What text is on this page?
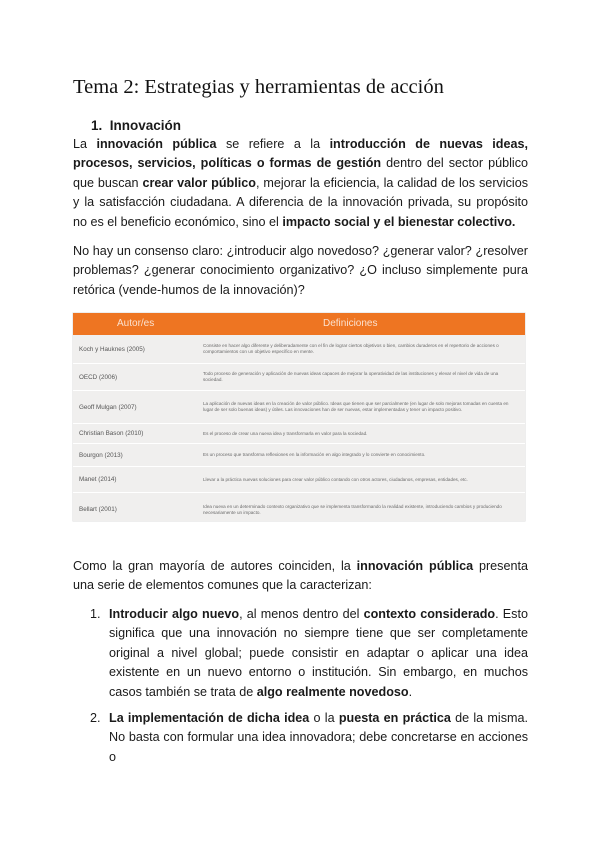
Tema 2: Estrategias y herramientas de acción
1. Innovación

La innovación pública se refiere a la introducción de nuevas ideas, procesos, servicios, políticas o formas de gestión dentro del sector público que buscan crear valor público, mejorar la eficiencia, la calidad de los servicios y la satisfacción ciudadana. A diferencia de la innovación privada, su propósito no es el beneficio económico, sino el impacto social y el bienestar colectivo.

No hay un consenso claro: ¿introducir algo novedoso? ¿generar valor? ¿resolver problemas? ¿generar conocimiento organizativo? ¿O incluso simplemente pura retórica (vende-humos de la innovación)?

Autor/es	Definiciones
Koch y Hauknes (2005)	Consiste en hacer algo diferente y deliberadamente con el fin de lograr ciertos objetivos o bien, cambios duraderos en el repertorio de acciones o comportamientos con un objetivo específico en mente.
OECD (2006)	Todo proceso de generación y aplicación de nuevas ideas capaces de mejorar la operatividad de las instituciones y elevar el nivel de vida de una sociedad.
Geoff Mulgan (2007)	La aplicación de nuevas ideas en la creación de valor público. Ideas que tienen que ser parcialmente (en lugar de solo mejoras tomadas en cuenta en lugar de ser solo buenas ideas) y útiles. Las innovaciones han de ser nuevas, estar implementadas y tener un impacto positivo.
Christian Bason (2010)	Es el proceso de crear una nueva idea y transformarla en valor para la sociedad.
Bourgon (2013)	Es un proceso que transforma reflexiones en la información en algo integrado y lo convierte en conocimiento.
Manet (2014)	Llevar a la práctica nuevas soluciones para crear valor público contando con otros actores, ciudadanos, empresas, entidades, etc.
Bellart (2001)	Idea nueva en un determinado contexto organizativo que se implementa transformando la realidad existente, introduciendo cambios y produciendo necesariamente un impacto.

Como la gran mayoría de autores coinciden, la innovación pública presenta una serie de elementos comunes que la caracterizan:

1. Introducir algo nuevo, al menos dentro del contexto considerado. Esto significa que una innovación no siempre tiene que ser completamente original a nivel global; puede consistir en adaptar o aplicar una idea existente en un nuevo entorno o institución. Sin embargo, en muchos casos también se trata de algo realmente novedoso.

2. La implementación de dicha idea o la puesta en práctica de la misma. No basta con formular una idea innovadora; debe concretarse en acciones o
